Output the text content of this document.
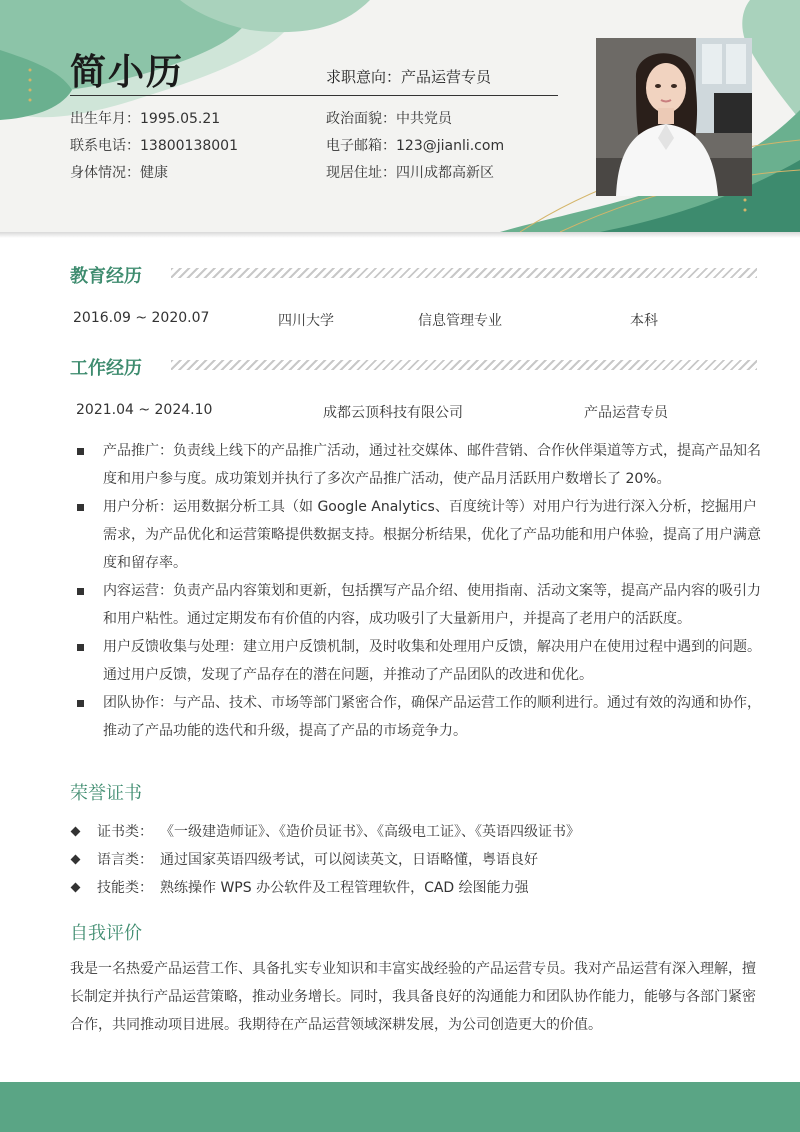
简小历	求职意向：产品运营专员
出生年月：1995.05.21	政治面貌：中共党员
联系电话：13800138001	电子邮箱：123@jianli.com
身体情况：健康	现居住址：四川成都高新区
教育经历
2016.09 ~ 2020.07	四川大学	信息管理专业	本科
工作经历
2021.04 ~ 2024.10	成都云顶科技有限公司	产品运营专员
产品推广：负责线上线下的产品推广活动，通过社交媒体、邮件营销、合作伙伴渠道等方式，提高产品知名度和用户参与度。成功策划并执行了多次产品推广活动，使产品月活跃用户数增长了 20%。
用户分析：运用数据分析工具（如 Google Analytics、百度统计等）对用户行为进行深入分析，挖掘用户需求，为产品优化和运营策略提供数据支持。根据分析结果，优化了产品功能和用户体验，提高了用户满意度和留存率。
内容运营：负责产品内容策划和更新，包括撰写产品介绍、使用指南、活动文案等，提高产品内容的吸引力和用户粘性。通过定期发布有价值的内容，成功吸引了大量新用户，并提高了老用户的活跃度。
用户反馈收集与处理：建立用户反馈机制，及时收集和处理用户反馈，解决用户在使用过程中遇到的问题。通过用户反馈，发现了产品存在的潜在问题，并推动了产品团队的改进和优化。
团队协作：与产品、技术、市场等部门紧密合作，确保产品运营工作的顺利进行。通过有效的沟通和协作，推动了产品功能的迭代和升级，提高了产品的市场竞争力。
荣誉证书
证书类： 《一级建造师证》、《造价员证书》、《高级电工证》、《英语四级证书》
语言类： 通过国家英语四级考试，可以阅读英文，日语略懂，粤语良好
技能类： 熟练操作 WPS 办公软件及工程管理软件，CAD 绘图能力强
自我评价
我是一名热爱产品运营工作、具备扎实专业知识和丰富实战经验的产品运营专员。我对产品运营有深入理解，擅长制定并执行产品运营策略，推动业务增长。同时，我具备良好的沟通能力和团队协作能力，能够与各部门紧密合作，共同推动项目进展。我期待在产品运营领域深耕发展，为公司创造更大的价值。
